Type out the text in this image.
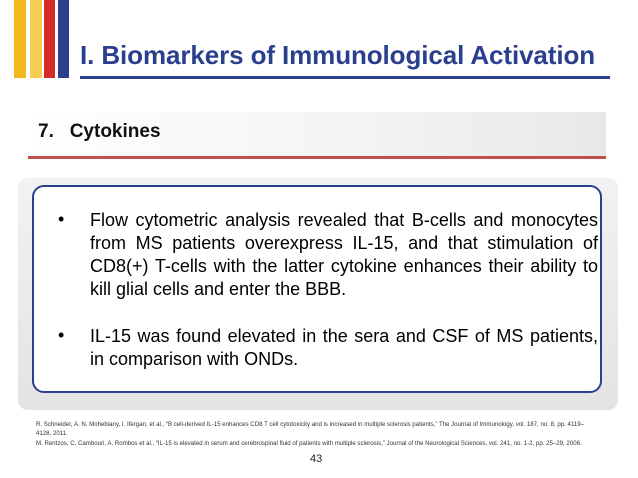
I. Biomarkers of Immunological Activation
7. Cytokines
• Flow cytometric analysis revealed that B-cells and monocytes from MS patients overexpress IL-15, and that stimulation of CD8(+) T-cells with the latter cytokine enhances their ability to kill glial cells and enter the BBB.
• IL-15 was found elevated in the sera and CSF of MS patients, in comparison with ONDs.
R. Schneider, A. N. Mohebiany, I. Ifergan, et al., “B cell-derived IL-15 enhances CD8 T cell cytotoxicity and is increased in multiple sclerosis patients,” The Journal of Immunology, vol. 187, no. 8, pp. 4119–4128, 2011.
M. Rentzos, C. Cambouri, A. Rombos et al., “IL-15 is elevated in serum and cerebrospinal fluid of patients with multiple sclerosis,” Journal of the Neurological Sciences, vol. 241, no. 1-2, pp. 25–29, 2006.
43
